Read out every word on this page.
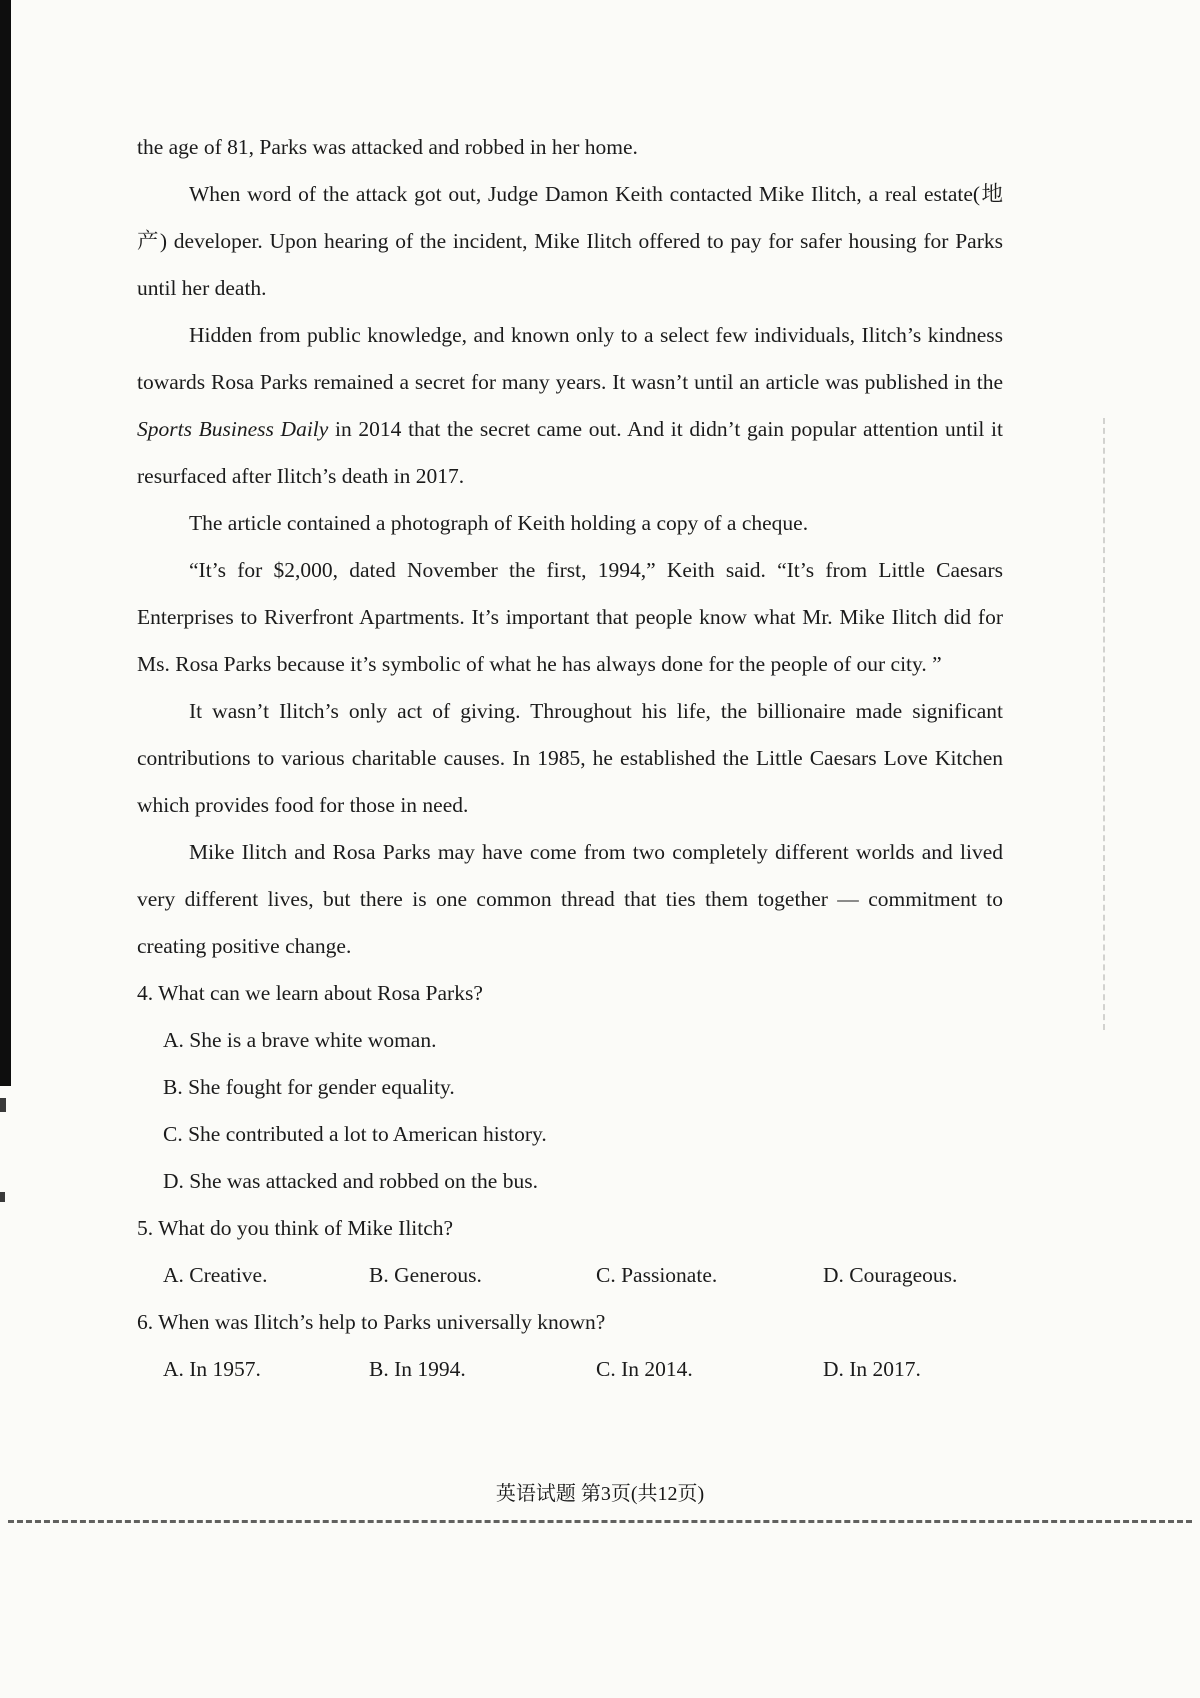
the age of 81, Parks was attacked and robbed in her home.

When word of the attack got out, Judge Damon Keith contacted Mike Ilitch, a real estate(地产) developer. Upon hearing of the incident, Mike Ilitch offered to pay for safer housing for Parks until her death.

Hidden from public knowledge, and known only to a select few individuals, Ilitch’s kindness towards Rosa Parks remained a secret for many years. It wasn’t until an article was published in the Sports Business Daily in 2014 that the secret came out. And it didn’t gain popular attention until it resurfaced after Ilitch’s death in 2017.

The article contained a photograph of Keith holding a copy of a cheque.

“It’s for $2,000, dated November the first, 1994,” Keith said. “It’s from Little Caesars Enterprises to Riverfront Apartments. It’s important that people know what Mr. Mike Ilitch did for Ms. Rosa Parks because it’s symbolic of what he has always done for the people of our city. ”

It wasn’t Ilitch’s only act of giving. Throughout his life, the billionaire made significant contributions to various charitable causes. In 1985, he established the Little Caesars Love Kitchen which provides food for those in need.

Mike Ilitch and Rosa Parks may have come from two completely different worlds and lived very different lives, but there is one common thread that ties them together — commitment to creating positive change.

4. What can we learn about Rosa Parks?
A. She is a brave white woman.
B. She fought for gender equality.
C. She contributed a lot to American history.
D. She was attacked and robbed on the bus.
5. What do you think of Mike Ilitch?
A. Creative.	B. Generous.	C. Passionate.	D. Courageous.
6. When was Ilitch’s help to Parks universally known?
A. In 1957.	B. In 1994.	C. In 2014.	D. In 2017.
英语试题 第3页(共12页)
